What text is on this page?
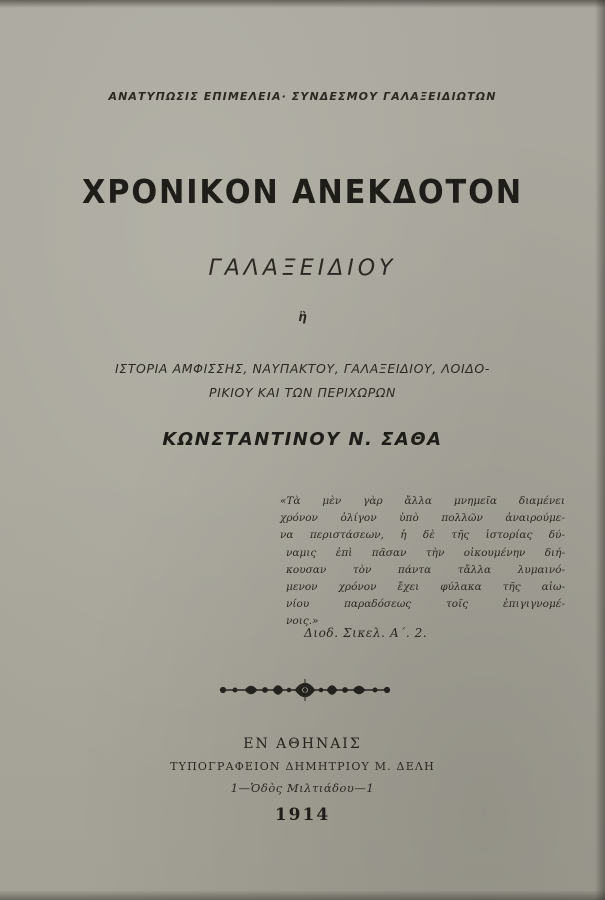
ΑΝΑΤΥΠΩΣΙΣ ΕΠΙΜΕΛΕΙΑ· ΣΥΝΔΕΣΜΟΥ ΓΑΛΑΞΕΙΔΙΩΤΩΝ
ΧΡΟΝΙΚΟΝ ΑΝΕΚΔΟΤΟΝ
ΓΑΛΑΞΕΙΔΙΟΥ
ἢ
ΙΣΤΟΡΙΑ ΑΜΦΙΣΣΗΣ, ΝΑΥΠΑΚΤΟΥ, ΓΑΛΑΞΕΙΔΙΟΥ, ΛΟΙΔΟ-
ΡΙΚΙΟΥ ΚΑΙ ΤΩΝ ΠΕΡΙΧΩΡΩΝ
ΚΩΝΣΤΑΝΤΙΝΟΥ Ν. ΣΑΘΑ
«Τὰ μὲν γὰρ ἄλλα μνημεῖα διαμένει
χρόνον ὀλίγον ὑπὸ πολλῶν ἀναιρούμε-
να περιστάσεων, ἡ δὲ τῆς ἱστορίας δύ-
ναμις ἐπὶ πᾶσαν τὴν οἰκουμένην διή-
κουσαν τὸν πάντα τἄλλα λυμαινό-
μενον χρόνον ἔχει φύλακα τῆς αἰω-
νίου παραδόσεως τοῖς ἐπιγιγνομέ-
νοις.»
Διοδ. Σικελ. Α΄. 2.
ΕΝ ΑΘΗΝΑΙΣ
ΤΥΠΟΓΡΑΦΕΙΟΝ ΔΗΜΗΤΡΙΟΥ Μ. ΔΕΛΗ
1—Ὁδὸς Μιλτιάδου—1
1914
